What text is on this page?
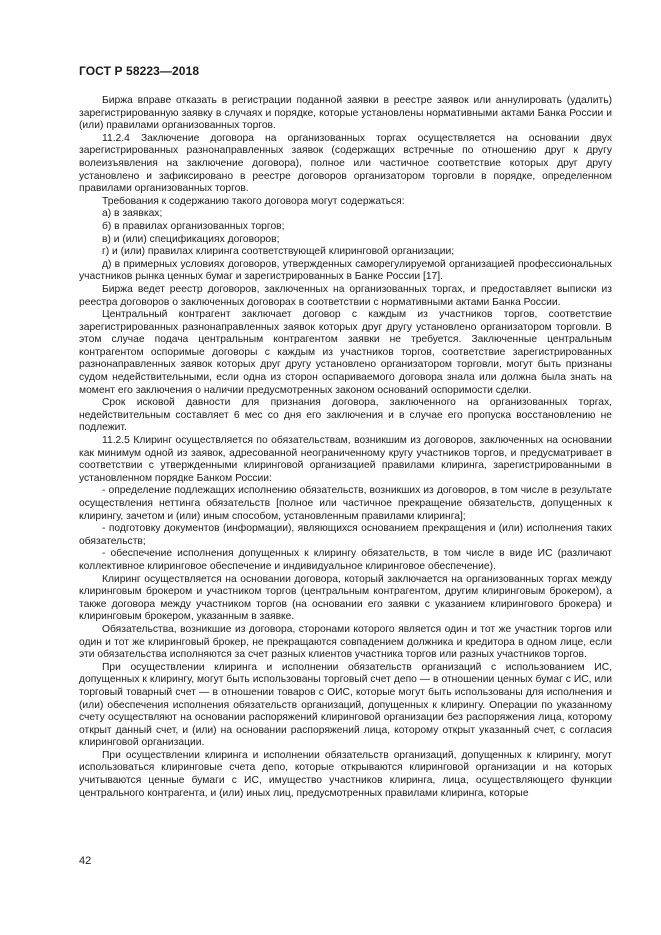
ГОСТ Р 58223—2018

Биржа вправе отказать в регистрации поданной заявки в реестре заявок или аннулировать (удалить) зарегистрированную заявку в случаях и порядке, которые установлены нормативными актами Банка России и (или) правилами организованных торгов.

11.2.4 Заключение договора на организованных торгах осуществляется на основании двух зарегистрированных разнонаправленных заявок (содержащих встречные по отношению друг к другу волеизъявления на заключение договора), полное или частичное соответствие которых друг другу установлено и зафиксировано в реестре договоров организатором торговли в порядке, определенном правилами организованных торгов.

Требования к содержанию такого договора могут содержаться:

а) в заявках;

б) в правилах организованных торгов;

в) и (или) спецификациях договоров;

г) и (или) правилах клиринга соответствующей клиринговой организации;

д) в примерных условиях договоров, утвержденных саморегулируемой организацией профессиональных участников рынка ценных бумаг и зарегистрированных в Банке России [17].

Биржа ведет реестр договоров, заключенных на организованных торгах, и предоставляет выписки из реестра договоров о заключенных договорах в соответствии с нормативными актами Банка России.

Центральный контрагент заключает договор с каждым из участников торгов, соответствие зарегистрированных разнонаправленных заявок которых друг другу установлено организатором торговли. В этом случае подача центральным контрагентом заявки не требуется. Заключенные центральным контрагентом оспоримые договоры с каждым из участников торгов, соответствие зарегистрированных разнонаправленных заявок которых друг другу установлено организатором торговли, могут быть признаны судом недействительными, если одна из сторон оспариваемого договора знала или должна была знать на момент его заключения о наличии предусмотренных законом оснований оспоримости сделки.

Срок исковой давности для признания договора, заключенного на организованных торгах, недействительным составляет 6 мес со дня его заключения и в случае его пропуска восстановлению не подлежит.

11.2.5 Клиринг осуществляется по обязательствам, возникшим из договоров, заключенных на основании как минимум одной из заявок, адресованной неограниченному кругу участников торгов, и предусматривает в соответствии с утвержденными клиринговой организацией правилами клиринга, зарегистрированными в установленном порядке Банком России:

- определение подлежащих исполнению обязательств, возникших из договоров, в том числе в результате осуществления неттинга обязательств [полное или частичное прекращение обязательств, допущенных к клирингу, зачетом и (или) иным способом, установленным правилами клиринга];

- подготовку документов (информации), являющихся основанием прекращения и (или) исполнения таких обязательств;

- обеспечение исполнения допущенных к клирингу обязательств, в том числе в виде ИС (различают коллективное клиринговое обеспечение и индивидуальное клиринговое обеспечение).

Клиринг осуществляется на основании договора, который заключается на организованных торгах между клиринговым брокером и участником торгов (центральным контрагентом, другим клиринговым брокером), а также договора между участником торгов (на основании его заявки с указанием клирингового брокера) и клиринговым брокером, указанным в заявке.

Обязательства, возникшие из договора, сторонами которого является один и тот же участник торгов или один и тот же клиринговый брокер, не прекращаются совпадением должника и кредитора в одном лице, если эти обязательства исполняются за счет разных клиентов участника торгов или разных участников торгов.

При осуществлении клиринга и исполнении обязательств организаций с использованием ИС, допущенных к клирингу, могут быть использованы торговый счет депо — в отношении ценных бумаг с ИС, или торговый товарный счет — в отношении товаров с ОИС, которые могут быть использованы для исполнения и (или) обеспечения исполнения обязательств организаций, допущенных к клирингу. Операции по указанному счету осуществляют на основании распоряжений клиринговой организации без распоряжения лица, которому открыт данный счет, и (или) на основании распоряжений лица, которому открыт указанный счет, с согласия клиринговой организации.

При осуществлении клиринга и исполнении обязательств организаций, допущенных к клирингу, могут использоваться клиринговые счета депо, которые открываются клиринговой организации и на которых учитываются ценные бумаги с ИС, имущество участников клиринга, лица, осуществляющего функции центрального контрагента, и (или) иных лиц, предусмотренных правилами клиринга, которые

42
